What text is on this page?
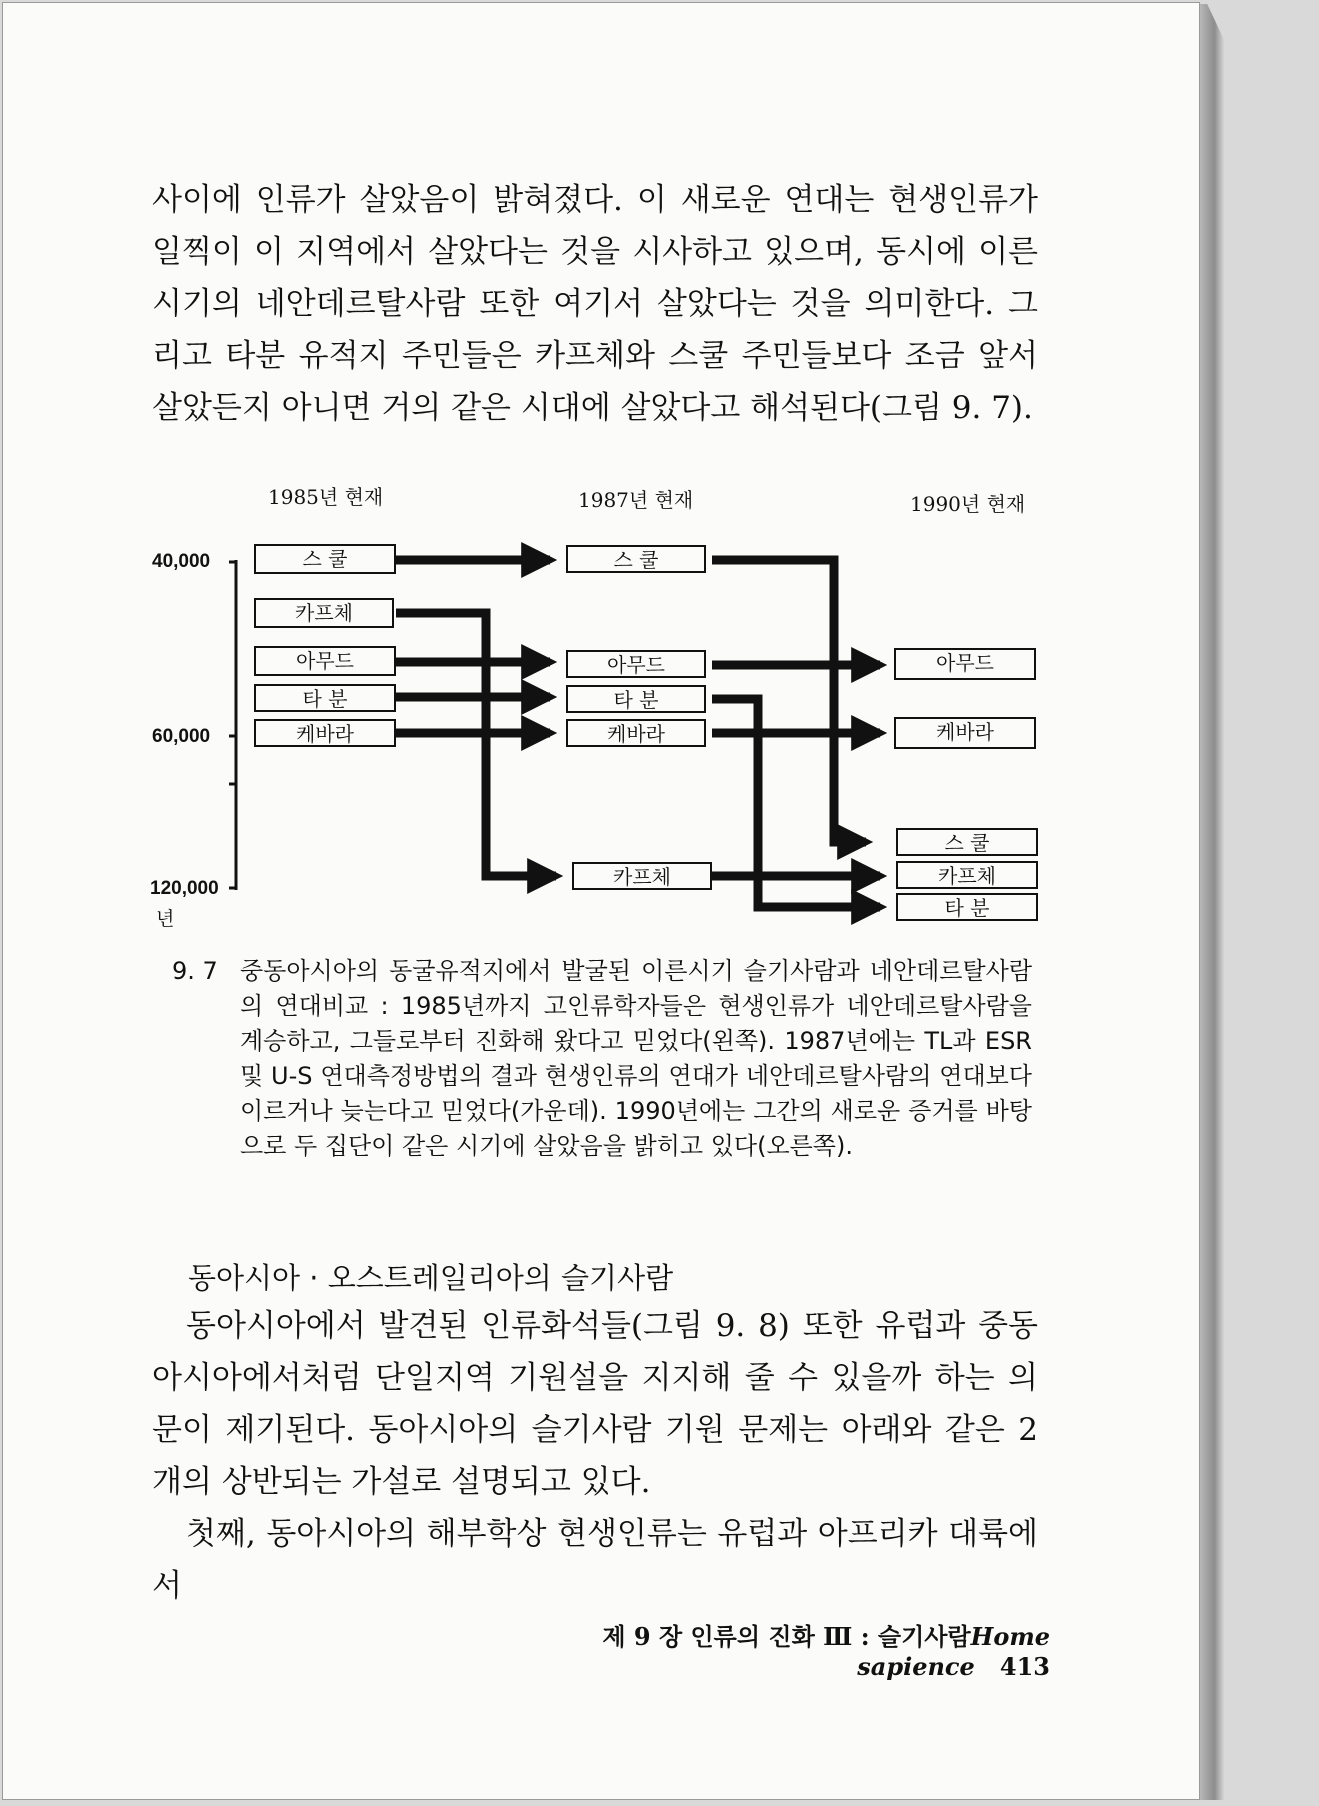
사이에 인류가 살았음이 밝혀졌다. 이 새로운 연대는 현생인류가 일찍이 이 지역에서 살았다는 것을 시사하고 있으며, 동시에 이른시기의 네안데르탈사람 또한 여기서 살았다는 것을 의미한다. 그리고 타분 유적지 주민들은 카프체와 스쿨 주민들보다 조금 앞서 살았든지 아니면 거의 같은 시대에 살았다고 해석된다(그림 9. 7).
1985년 현재	1987년 현재	1990년 현재
40,000
60,000
120,000
년
스 쿨
카프체
아무드
타 분
케바라
스 쿨
아무드
타 분
케바라
카프체
아무드
케바라
스 쿨
카프체
타 분
9. 7 중동아시아의 동굴유적지에서 발굴된 이른시기 슬기사람과 네안데르탈사람의 연대비교 : 1985년까지 고인류학자들은 현생인류가 네안데르탈사람을 계승하고, 그들로부터 진화해 왔다고 믿었다(왼쪽). 1987년에는 TL과 ESR 및 U-S 연대측정방법의 결과 현생인류의 연대가 네안데르탈사람의 연대보다 이르거나 늦는다고 믿었다(가운데). 1990년에는 그간의 새로운 증거를 바탕으로 두 집단이 같은 시기에 살았음을 밝히고 있다(오른쪽).
동아시아 · 오스트레일리아의 슬기사람
동아시아에서 발견된 인류화석들(그림 9. 8) 또한 유럽과 중동아시아에서처럼 단일지역 기원설을 지지해 줄 수 있을까 하는 의문이 제기된다. 동아시아의 슬기사람 기원 문제는 아래와 같은 2개의 상반되는 가설로 설명되고 있다.
첫째, 동아시아의 해부학상 현생인류는 유럽과 아프리카 대륙에서
제 9 장 인류의 진화 Ⅲ : 슬기사람Home sapience 413
